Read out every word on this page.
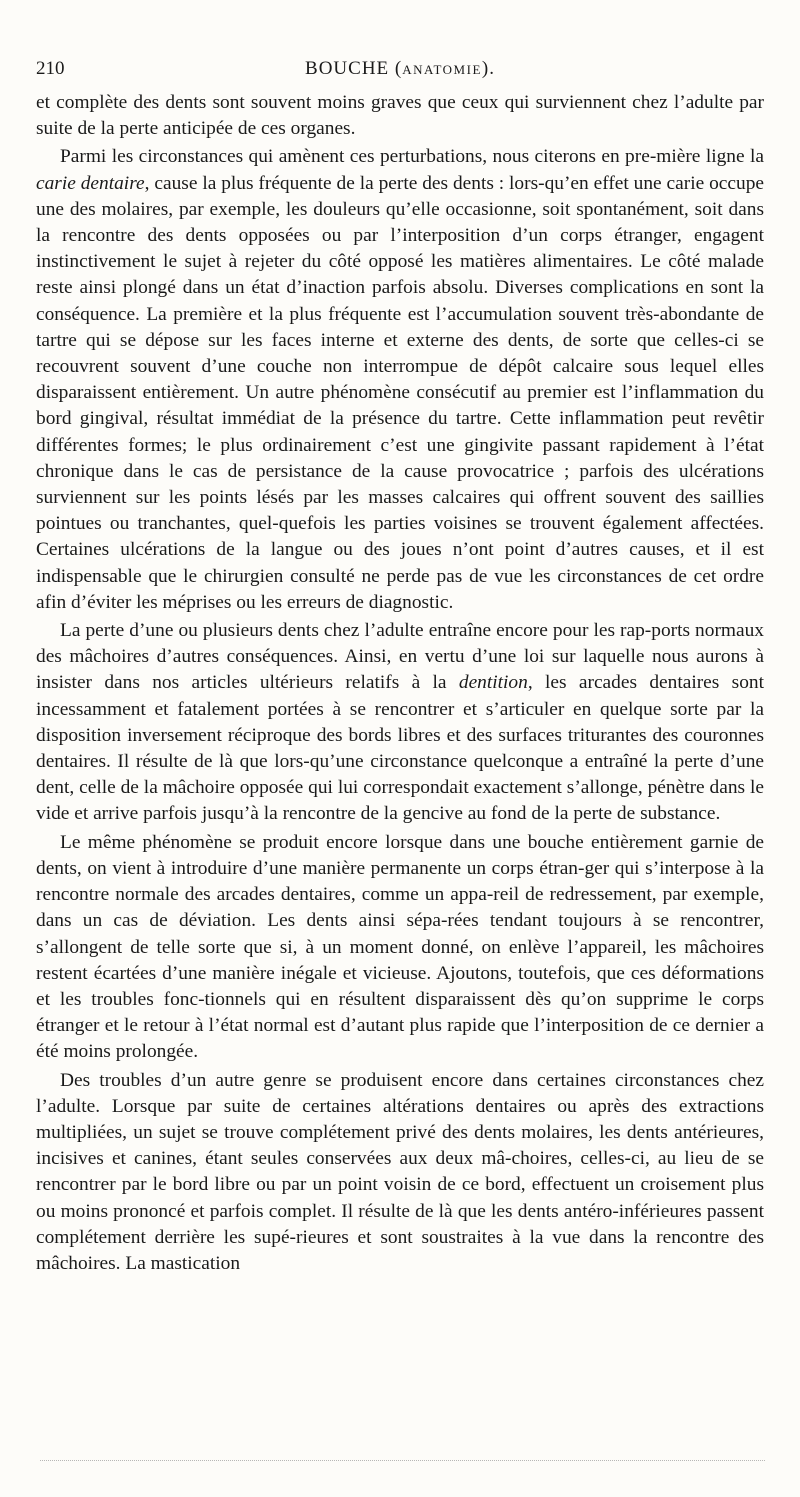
210	BOUCHE (ANATOMIE).

et complète des dents sont souvent moins graves que ceux qui surviennent chez l’adulte par suite de la perte anticipée de ces organes.

Parmi les circonstances qui amènent ces perturbations, nous citerons en pre-mière ligne la carie dentaire, cause la plus fréquente de la perte des dents : lors-qu’en effet une carie occupe une des molaires, par exemple, les douleurs qu’elle occasionne, soit spontanément, soit dans la rencontre des dents opposées ou par l’interposition d’un corps étranger, engagent instinctivement le sujet à rejeter du côté opposé les matières alimentaires. Le côté malade reste ainsi plongé dans un état d’inaction parfois absolu. Diverses complications en sont la conséquence. La première et la plus fréquente est l’accumulation souvent très-abondante de tartre qui se dépose sur les faces interne et externe des dents, de sorte que celles-ci se recouvrent souvent d’une couche non interrompue de dépôt calcaire sous lequel elles disparaissent entièrement. Un autre phénomène consécutif au premier est l’inflammation du bord gingival, résultat immédiat de la présence du tartre. Cette inflammation peut revêtir différentes formes; le plus ordinairement c’est une gingivite passant rapidement à l’état chronique dans le cas de persistance de la cause provocatrice ; parfois des ulcérations surviennent sur les points lésés par les masses calcaires qui offrent souvent des saillies pointues ou tranchantes, quel-quefois les parties voisines se trouvent également affectées. Certaines ulcérations de la langue ou des joues n’ont point d’autres causes, et il est indispensable que le chirurgien consulté ne perde pas de vue les circonstances de cet ordre afin d’éviter les méprises ou les erreurs de diagnostic.

La perte d’une ou plusieurs dents chez l’adulte entraîne encore pour les rap-ports normaux des mâchoires d’autres conséquences. Ainsi, en vertu d’une loi sur laquelle nous aurons à insister dans nos articles ultérieurs relatifs à la dentition, les arcades dentaires sont incessamment et fatalement portées à se rencontrer et s’articuler en quelque sorte par la disposition inversement réciproque des bords libres et des surfaces triturantes des couronnes dentaires. Il résulte de là que lors-qu’une circonstance quelconque a entraîné la perte d’une dent, celle de la mâchoire opposée qui lui correspondait exactement s’allonge, pénètre dans le vide et arrive parfois jusqu’à la rencontre de la gencive au fond de la perte de substance.

Le même phénomène se produit encore lorsque dans une bouche entièrement garnie de dents, on vient à introduire d’une manière permanente un corps étran-ger qui s’interpose à la rencontre normale des arcades dentaires, comme un appa-reil de redressement, par exemple, dans un cas de déviation. Les dents ainsi sépa-rées tendant toujours à se rencontrer, s’allongent de telle sorte que si, à un moment donné, on enlève l’appareil, les mâchoires restent écartées d’une manière inégale et vicieuse. Ajoutons, toutefois, que ces déformations et les troubles fonc-tionnels qui en résultent disparaissent dès qu’on supprime le corps étranger et le retour à l’état normal est d’autant plus rapide que l’interposition de ce dernier a été moins prolongée.

Des troubles d’un autre genre se produisent encore dans certaines circonstances chez l’adulte. Lorsque par suite de certaines altérations dentaires ou après des extractions multipliées, un sujet se trouve complétement privé des dents molaires, les dents antérieures, incisives et canines, étant seules conservées aux deux mâ-choires, celles-ci, au lieu de se rencontrer par le bord libre ou par un point voisin de ce bord, effectuent un croisement plus ou moins prononcé et parfois complet. Il résulte de là que les dents antéro-inférieures passent complétement derrière les supé-rieures et sont soustraites à la vue dans la rencontre des mâchoires. La mastication
